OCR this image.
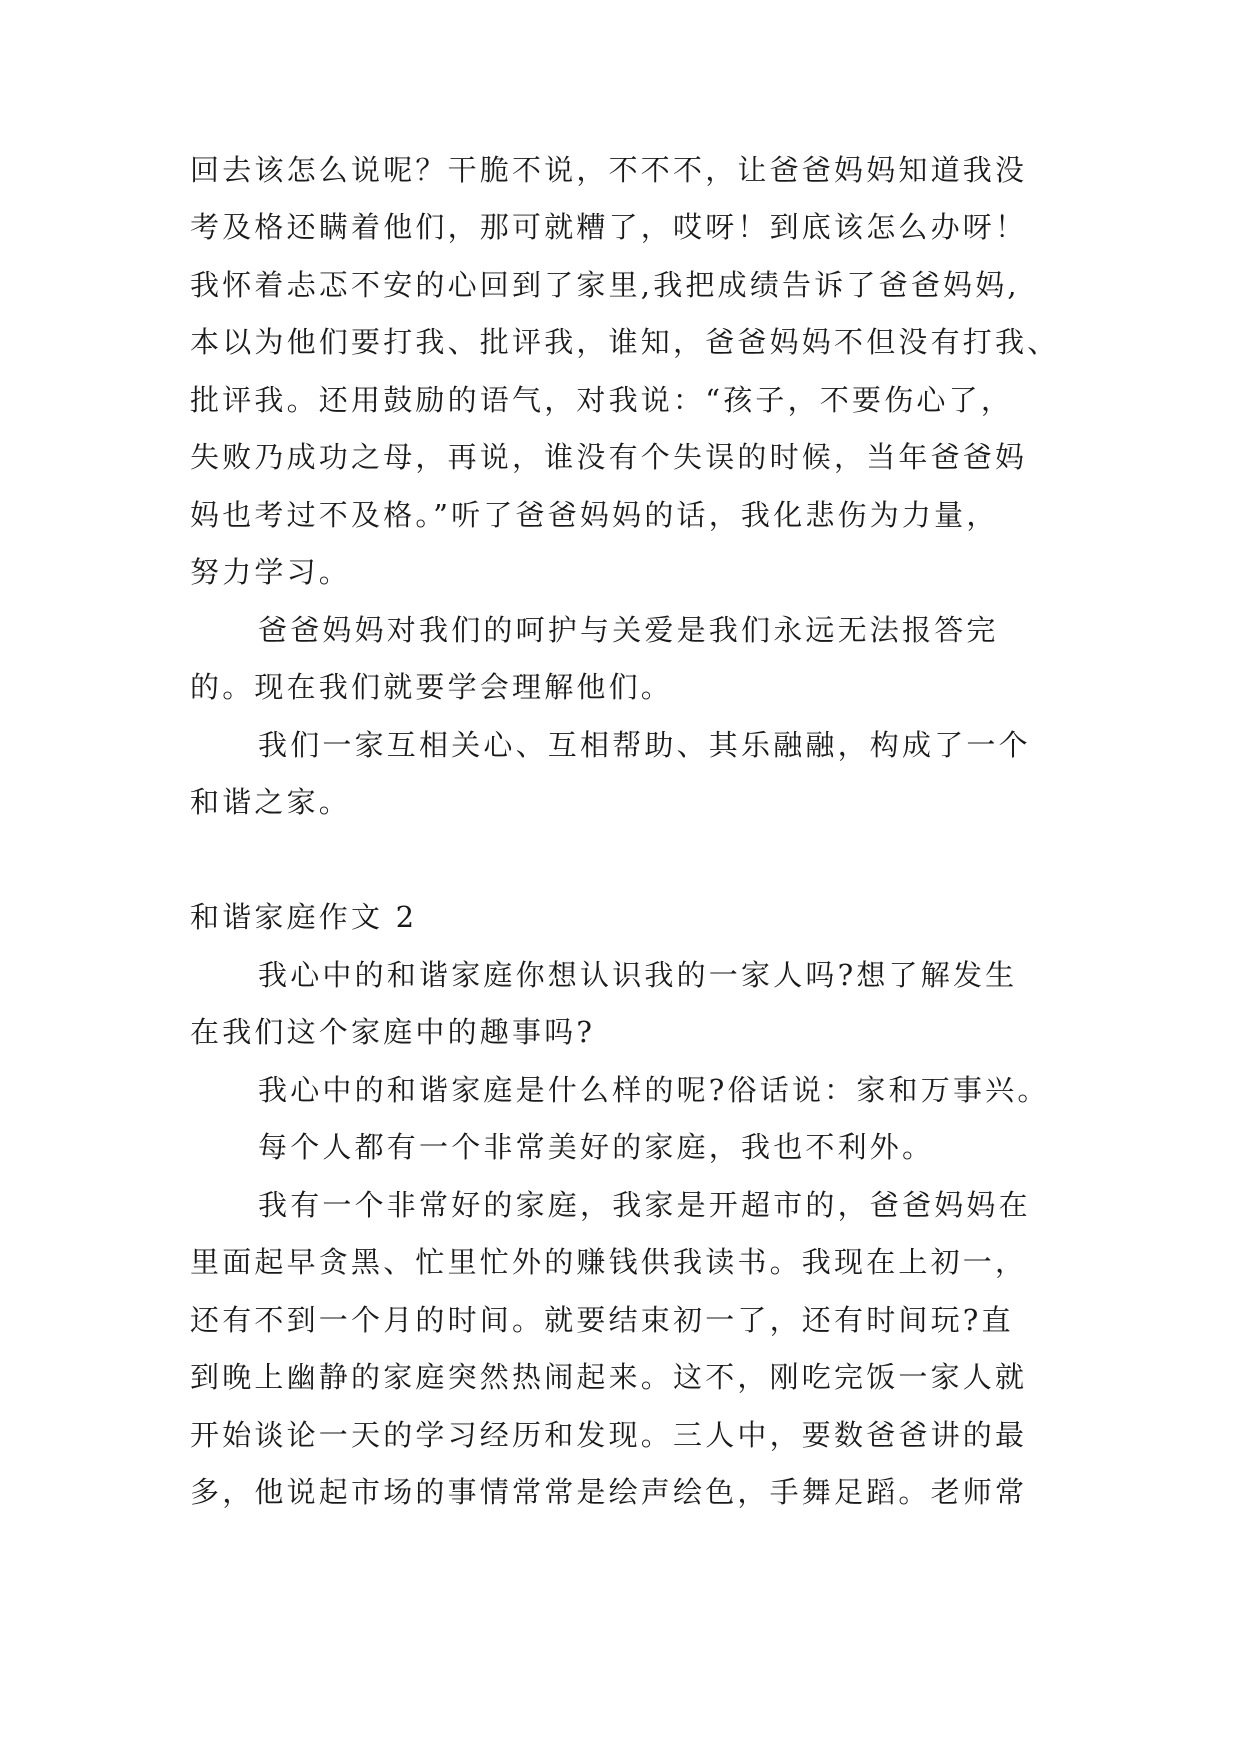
回去该怎么说呢？干脆不说，不不不，让爸爸妈妈知道我没
考及格还瞒着他们，那可就糟了，哎呀！到底该怎么办呀！
我怀着忐忑不安的心回到了家里,我把成绩告诉了爸爸妈妈,
本以为他们要打我、批评我，谁知，爸爸妈妈不但没有打我、
批评我。还用鼓励的语气，对我说：“孩子，不要伤心了，
失败乃成功之母，再说，谁没有个失误的时候，当年爸爸妈
妈也考过不及格。”听了爸爸妈妈的话，我化悲伤为力量，
努力学习。
爸爸妈妈对我们的呵护与关爱是我们永远无法报答完
的。现在我们就要学会理解他们。
我们一家互相关心、互相帮助、其乐融融，构成了一个
和谐之家。
和谐家庭作文 2
我心中的和谐家庭你想认识我的一家人吗?想了解发生
在我们这个家庭中的趣事吗?
我心中的和谐家庭是什么样的呢?俗话说：家和万事兴。
每个人都有一个非常美好的家庭，我也不利外。
我有一个非常好的家庭，我家是开超市的，爸爸妈妈在
里面起早贪黑、忙里忙外的赚钱供我读书。我现在上初一，
还有不到一个月的时间。就要结束初一了，还有时间玩?直
到晚上幽静的家庭突然热闹起来。这不，刚吃完饭一家人就
开始谈论一天的学习经历和发现。三人中，要数爸爸讲的最
多，他说起市场的事情常常是绘声绘色，手舞足蹈。老师常
